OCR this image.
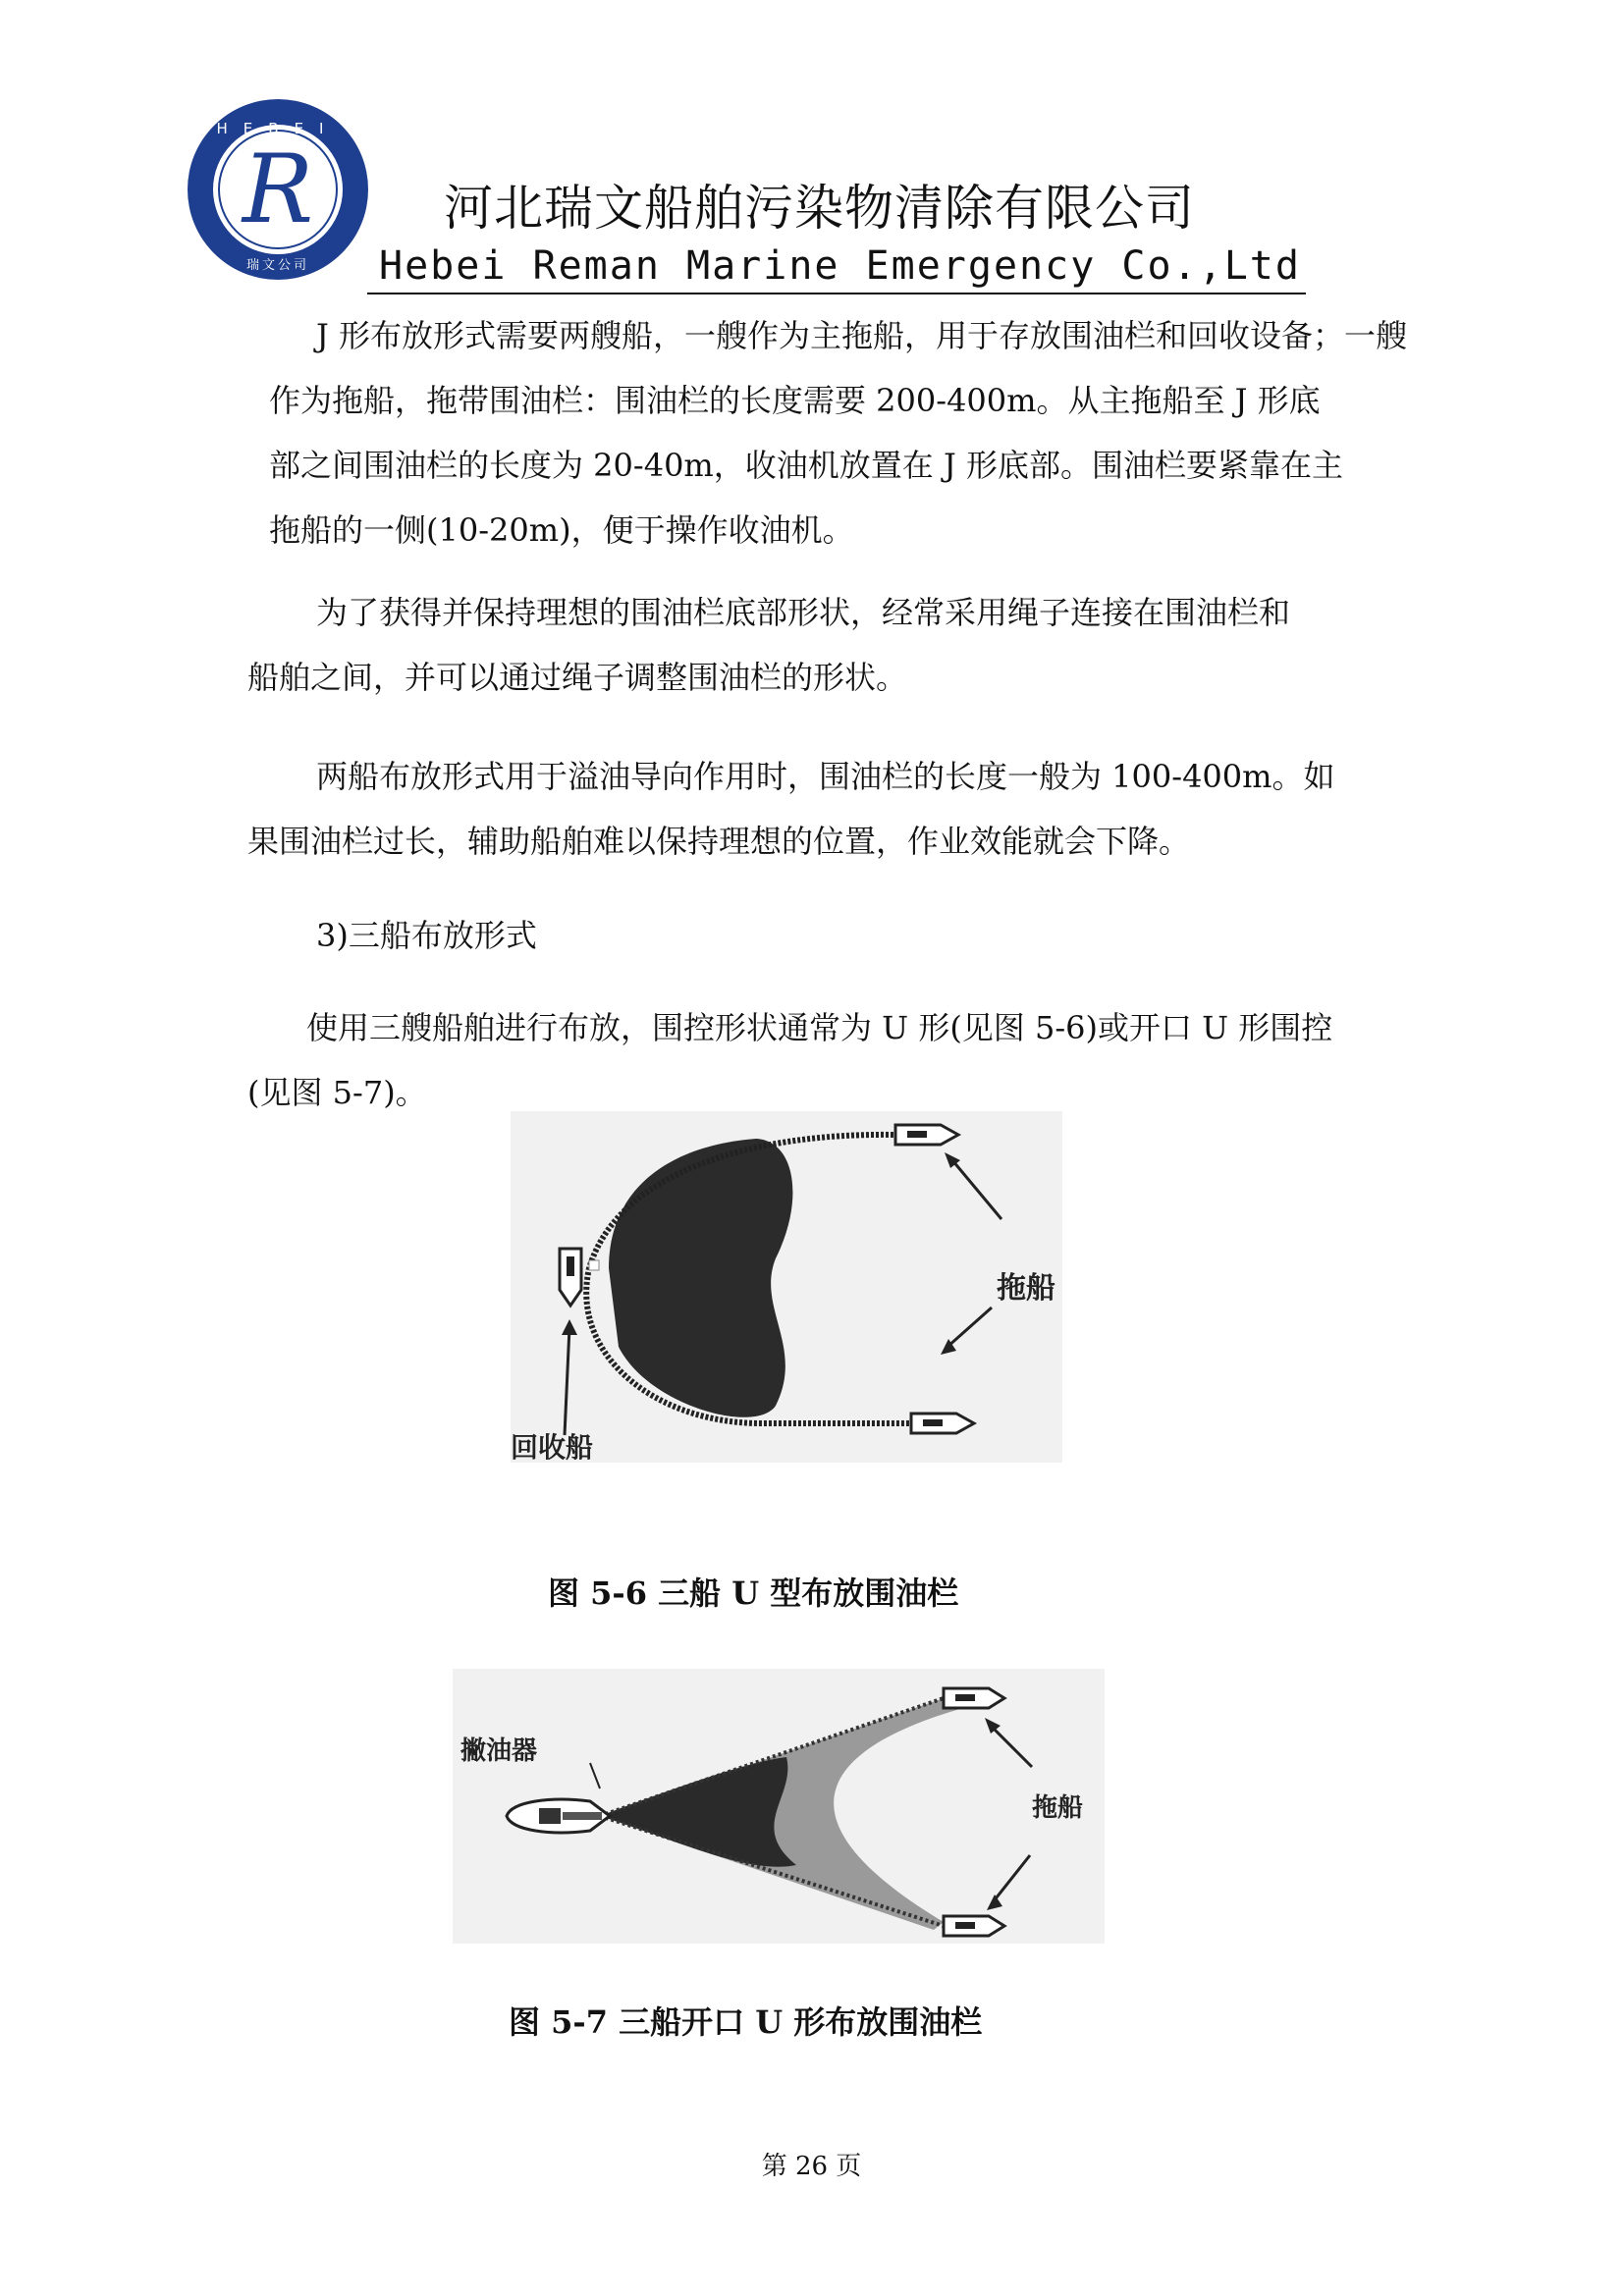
HEBEI
R
瑞文公司
河北瑞文船舶污染物清除有限公司
Hebei Reman Marine Emergency Co.,Ltd
J 形布放形式需要两艘船，一艘作为主拖船，用于存放围油栏和回收设备；一艘
作为拖船，拖带围油栏：围油栏的长度需要 200-400m。从主拖船至 J 形底
部之间围油栏的长度为 20-40m，收油机放置在 J 形底部。围油栏要紧靠在主
拖船的一侧(10-20m)，便于操作收油机。
为了获得并保持理想的围油栏底部形状，经常采用绳子连接在围油栏和
船舶之间，并可以通过绳子调整围油栏的形状。
两船布放形式用于溢油导向作用时，围油栏的长度一般为 100-400m。如
果围油栏过长，辅助船舶难以保持理想的位置，作业效能就会下降。
3)三船布放形式
使用三艘船舶进行布放，围控形状通常为 U 形(见图 5-6)或开口 U 形围控
(见图 5-7)。
拖船
回收船
图 5-6 三船 U 型布放围油栏
撇油器
拖船
图 5-7 三船开口 U 形布放围油栏
第 26 页
